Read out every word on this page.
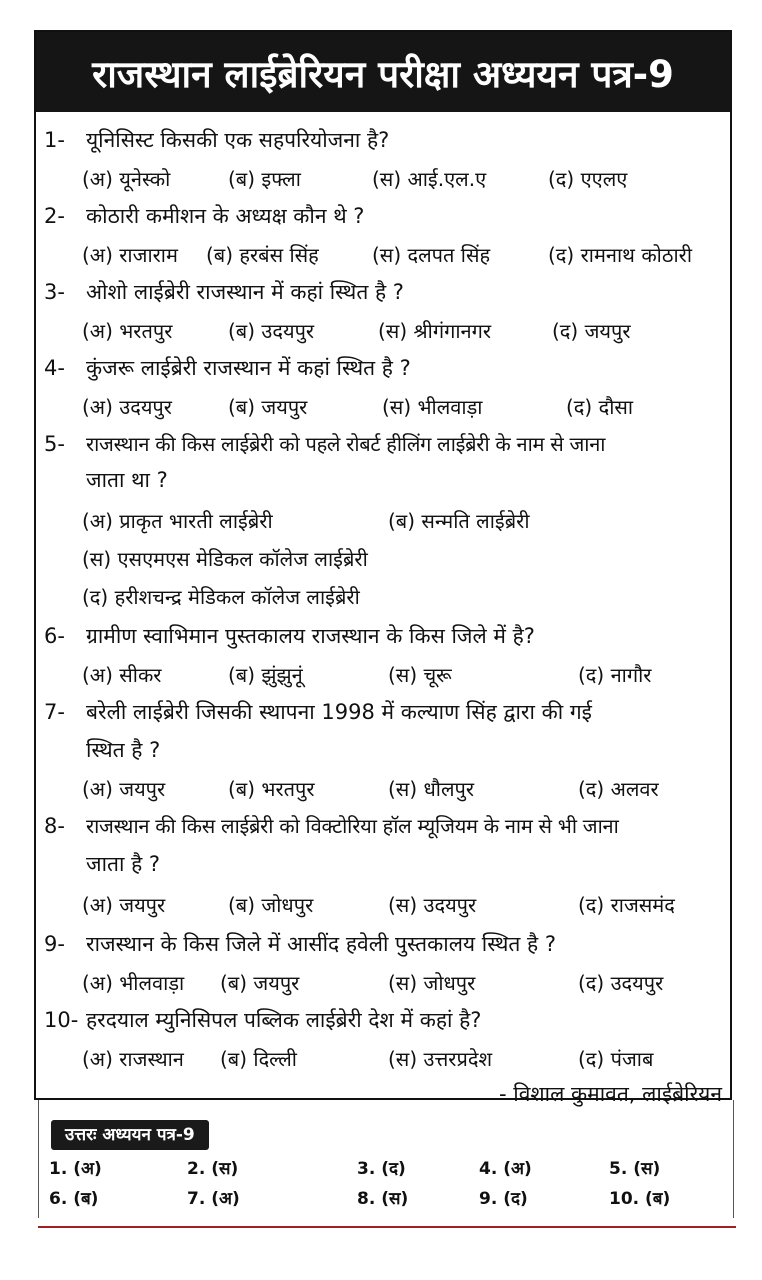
राजस्थान लाईब्रेरियन परीक्षा अध्ययन पत्र-9
1- यूनिसिस्ट किसकी एक सहपरियोजना है?
(अ) यूनेस्को	(ब) इफ्ला	(स) आई.एल.ए	(द) एएलए
2- कोठारी कमीशन के अध्यक्ष कौन थे ?
(अ) राजाराम (ब) हरबंस सिंह	(स) दलपत सिंह	(द) रामनाथ कोठारी
3- ओशो लाईब्रेरी राजस्थान में कहां स्थित है ?
(अ) भरतपुर	(ब) उदयपुर	(स) श्रीगंगानगर	(द) जयपुर
4- कुंजरू लाईब्रेरी राजस्थान में कहां स्थित है ?
(अ) उदयपुर	(ब) जयपुर	(स) भीलवाड़ा	(द) दौसा
5- राजस्थान की किस लाईब्रेरी को पहले रोबर्ट हीलिंग लाईब्रेरी के नाम से जाना
जाता था ?
(अ) प्राकृत भारती लाईब्रेरी	(ब) सन्मति लाईब्रेरी
(स) एसएमएस मेडिकल कॉलेज लाईब्रेरी
(द) हरीशचन्द्र मेडिकल कॉलेज लाईब्रेरी
6- ग्रामीण स्वाभिमान पुस्तकालय राजस्थान के किस जिले में है?
(अ) सीकर	(ब) झुंझुनूं	(स) चूरू	(द) नागौर
7- बरेली लाईब्रेरी जिसकी स्थापना 1998 में कल्याण सिंह द्वारा की गई
स्थित है ?
(अ) जयपुर	(ब) भरतपुर	(स) धौलपुर	(द) अलवर
8- राजस्थान की किस लाईब्रेरी को विक्टोरिया हॉल म्यूजियम के नाम से भी जाना
जाता है ?
(अ) जयपुर	(ब) जोधपुर	(स) उदयपुर	(द) राजसमंद
9- राजस्थान के किस जिले में आसींद हवेली पुस्तकालय स्थित है ?
(अ) भीलवाड़ा (ब) जयपुर	(स) जोधपुर	(द) उदयपुर
10- हरदयाल म्युनिसिपल पब्लिक लाईब्रेरी देश में कहां है?
(अ) राजस्थान (ब) दिल्ली	(स) उत्तरप्रदेश	(द) पंजाब
- विशाल कुमावत, लाईब्रेरियन
उत्तरः अध्ययन पत्र-9
1. (अ)	2. (स)	3. (द)	4. (अ)	5. (स)
6. (ब)	7. (अ)	8. (स)	9. (द)	10. (ब)
